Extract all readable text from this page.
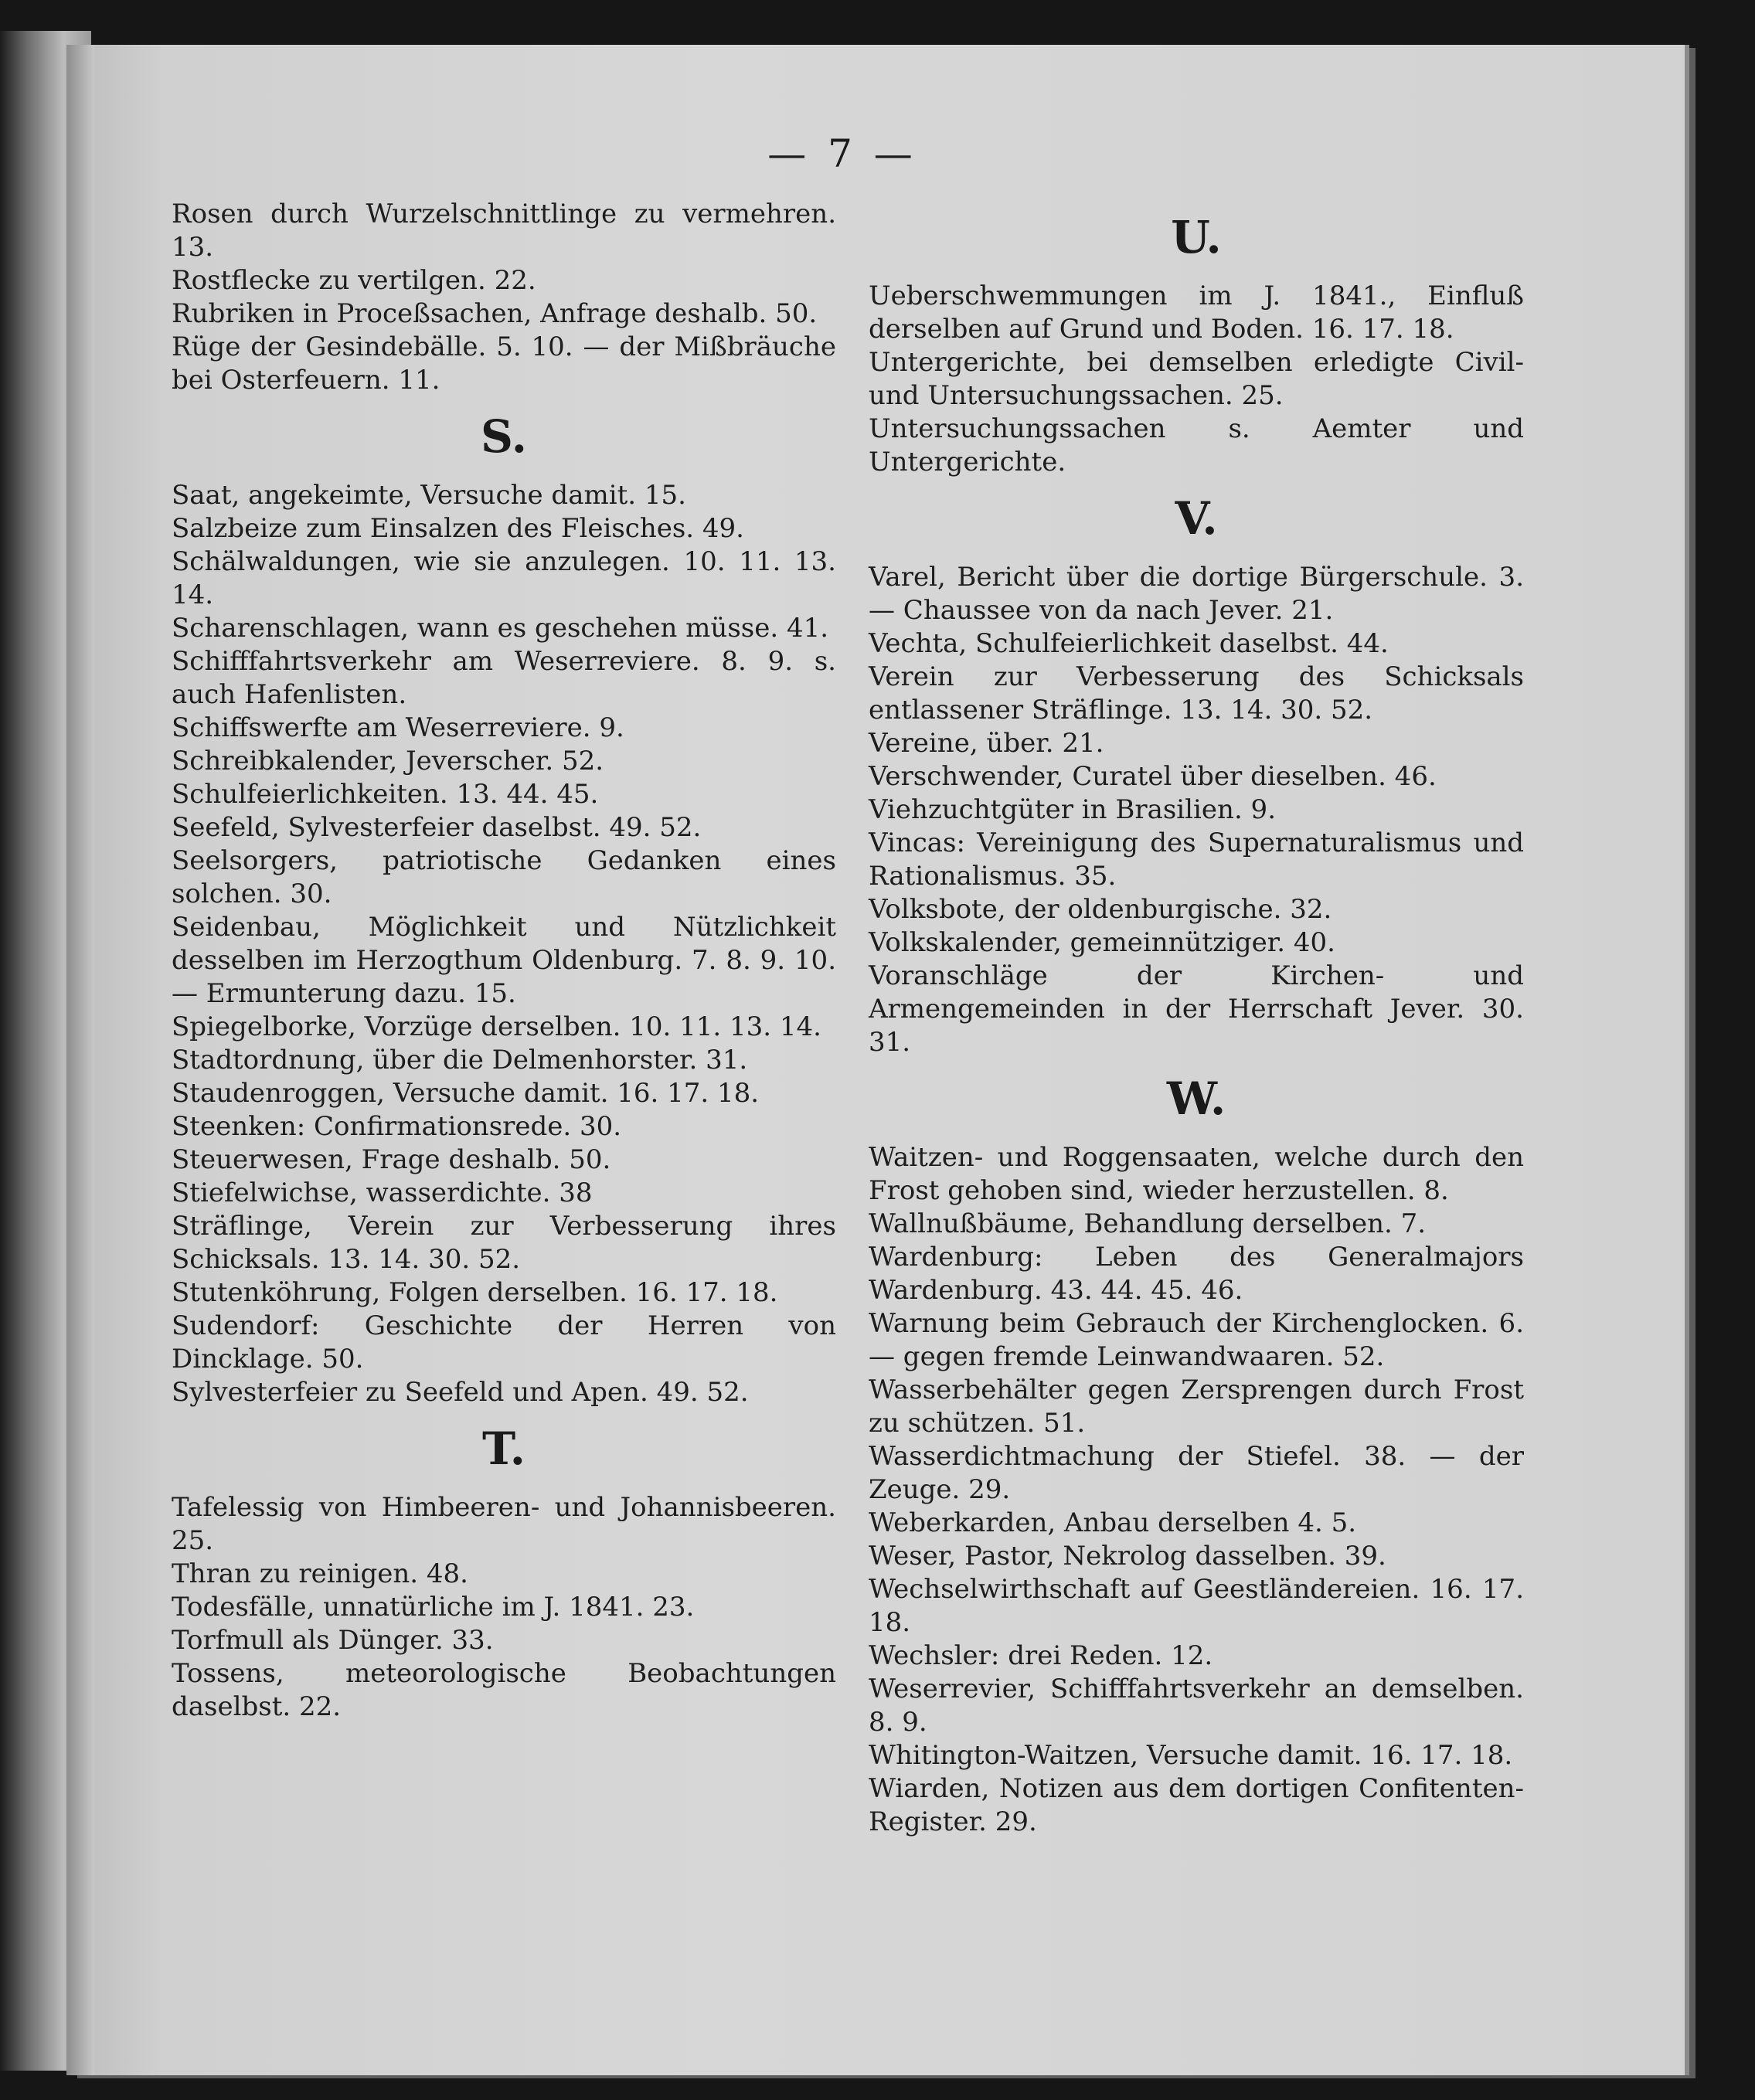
— 7 —
Rosen durch Wurzelschnittlinge zu vermehren. 13.
Rostflecke zu vertilgen. 22.
Rubriken in Proceßsachen, Anfrage deshalb. 50.
Rüge der Gesindebälle. 5. 10. — der Mißbräuche bei Osterfeuern. 11.
S.
Saat, angekeimte, Versuche damit. 15.
Salzbeize zum Einsalzen des Fleisches. 49.
Schälwaldungen, wie sie anzulegen. 10. 11. 13. 14.
Scharenschlagen, wann es geschehen müsse. 41.
Schifffahrtsverkehr am Weserreviere. 8. 9. s. auch Hafenlisten.
Schiffswerfte am Weserreviere. 9.
Schreibkalender, Jeverscher. 52.
Schulfeierlichkeiten. 13. 44. 45.
Seefeld, Sylvesterfeier daselbst. 49. 52.
Seelsorgers, patriotische Gedanken eines solchen. 30.
Seidenbau, Möglichkeit und Nützlichkeit desselben im Herzogthum Oldenburg. 7. 8. 9. 10. — Ermunterung dazu. 15.
Spiegelborke, Vorzüge derselben. 10. 11. 13. 14.
Stadtordnung, über die Delmenhorster. 31.
Staudenroggen, Versuche damit. 16. 17. 18.
Steenken: Confirmationsrede. 30.
Steuerwesen, Frage deshalb. 50.
Stiefelwichse, wasserdichte. 38
Sträflinge, Verein zur Verbesserung ihres Schicksals. 13. 14. 30. 52.
Stutenköhrung, Folgen derselben. 16. 17. 18.
Sudendorf: Geschichte der Herren von Dincklage. 50.
Sylvesterfeier zu Seefeld und Apen. 49. 52.
T.
Tafelessig von Himbeeren- und Johannisbeeren. 25.
Thran zu reinigen. 48.
Todesfälle, unnatürliche im J. 1841. 23.
Torfmull als Dünger. 33.
Tossens, meteorologische Beobachtungen daselbst. 22.
U.
Ueberschwemmungen im J. 1841., Einfluß derselben auf Grund und Boden. 16. 17. 18.
Untergerichte, bei demselben erledigte Civil- und Untersuchungssachen. 25.
Untersuchungssachen s. Aemter und Untergerichte.
V.
Varel, Bericht über die dortige Bürgerschule. 3. — Chaussee von da nach Jever. 21.
Vechta, Schulfeierlichkeit daselbst. 44.
Verein zur Verbesserung des Schicksals entlassener Sträflinge. 13. 14. 30. 52.
Vereine, über. 21.
Verschwender, Curatel über dieselben. 46.
Viehzuchtgüter in Brasilien. 9.
Vincas: Vereinigung des Supernaturalismus und Rationalismus. 35.
Volksbote, der oldenburgische. 32.
Volkskalender, gemeinnütziger. 40.
Voranschläge der Kirchen- und Armengemeinden in der Herrschaft Jever. 30. 31.
W.
Waitzen- und Roggensaaten, welche durch den Frost gehoben sind, wieder herzustellen. 8.
Wallnußbäume, Behandlung derselben. 7.
Wardenburg: Leben des Generalmajors Wardenburg. 43. 44. 45. 46.
Warnung beim Gebrauch der Kirchenglocken. 6. — gegen fremde Leinwandwaaren. 52.
Wasserbehälter gegen Zersprengen durch Frost zu schützen. 51.
Wasserdichtmachung der Stiefel. 38. — der Zeuge. 29.
Weberkarden, Anbau derselben 4. 5.
Weser, Pastor, Nekrolog dasselben. 39.
Wechselwirthschaft auf Geestländereien. 16. 17. 18.
Wechsler: drei Reden. 12.
Weserrevier, Schifffahrtsverkehr an demselben. 8. 9.
Whitington-Waitzen, Versuche damit. 16. 17. 18.
Wiarden, Notizen aus dem dortigen Confitenten-Register. 29.
